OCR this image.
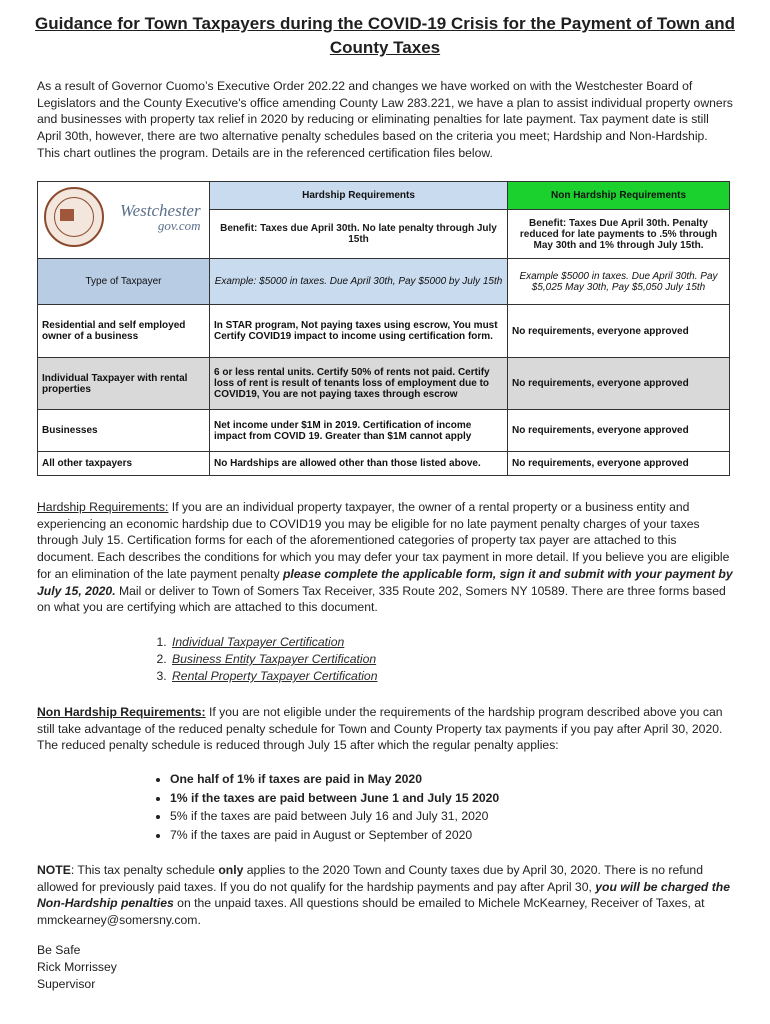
Guidance for Town Taxpayers during the COVID-19 Crisis for the Payment of Town and County Taxes

As a result of Governor Cuomo’s Executive Order 202.22 and changes we have worked on with the Westchester Board of Legislators and the County Executive's office amending County Law 283.221, we have a plan to assist individual property owners and businesses with property tax relief in 2020 by reducing or eliminating penalties for late payment. Tax payment date is still April 30th, however, there are two alternative penalty schedules based on the criteria you meet; Hardship and Non-Hardship. This chart outlines the program. Details are in the referenced certification files below.

Westchester
gov.com	Hardship Requirements	Non Hardship Requirements
	Benefit: Taxes due April 30th. No late penalty through July 15th	Benefit: Taxes Due April 30th. Penalty reduced for late payments to .5% through May 30th and 1% through July 15th.
Type of Taxpayer	Example: $5000 in taxes. Due April 30th, Pay $5000 by July 15th	Example $5000 in taxes. Due April 30th. Pay $5,025 May 30th, Pay $5,050 July 15th
Residential and self employed owner of a business	In STAR program, Not paying taxes using escrow, You must Certify COVID19 impact to income using certification form.	No requirements, everyone approved
Individual Taxpayer with rental properties	6 or less rental units. Certify 50% of rents not paid. Certify loss of rent is result of tenants loss of employment due to COVID19, You are not paying taxes through escrow	No requirements, everyone approved
Businesses	Net income under $1M in 2019. Certification of income impact from COVID 19. Greater than $1M cannot apply	No requirements, everyone approved
All other taxpayers	No Hardships are allowed other than those listed above.	No requirements, everyone approved

Hardship Requirements: If you are an individual property taxpayer, the owner of a rental property or a business entity and experiencing an economic hardship due to COVID19 you may be eligible for no late payment penalty charges of your taxes through July 15. Certification forms for each of the aforementioned categories of property tax payer are attached to this document. Each describes the conditions for which you may defer your tax payment in more detail. If you believe you are eligible for an elimination of the late payment penalty please complete the applicable form, sign it and submit with your payment by July 15, 2020. Mail or deliver to Town of Somers Tax Receiver, 335 Route 202, Somers NY 10589. There are three forms based on what you are certifying which are attached to this document.

1. Individual Taxpayer Certification
2. Business Entity Taxpayer Certification
3. Rental Property Taxpayer Certification

Non Hardship Requirements: If you are not eligible under the requirements of the hardship program described above you can still take advantage of the reduced penalty schedule for Town and County Property tax payments if you pay after April 30, 2020. The reduced penalty schedule is reduced through July 15 after which the regular penalty applies:

• One half of 1% if taxes are paid in May 2020
• 1% if the taxes are paid between June 1 and July 15 2020
• 5% if the taxes are paid between July 16 and July 31, 2020
• 7% if the taxes are paid in August or September of 2020

NOTE: This tax penalty schedule only applies to the 2020 Town and County taxes due by April 30, 2020. There is no refund allowed for previously paid taxes. If you do not qualify for the hardship payments and pay after April 30, you will be charged the Non-Hardship penalties on the unpaid taxes. All questions should be emailed to Michele McKearney, Receiver of Taxes, at mmckearney@somersny.com.

Be Safe
Rick Morrissey
Supervisor
